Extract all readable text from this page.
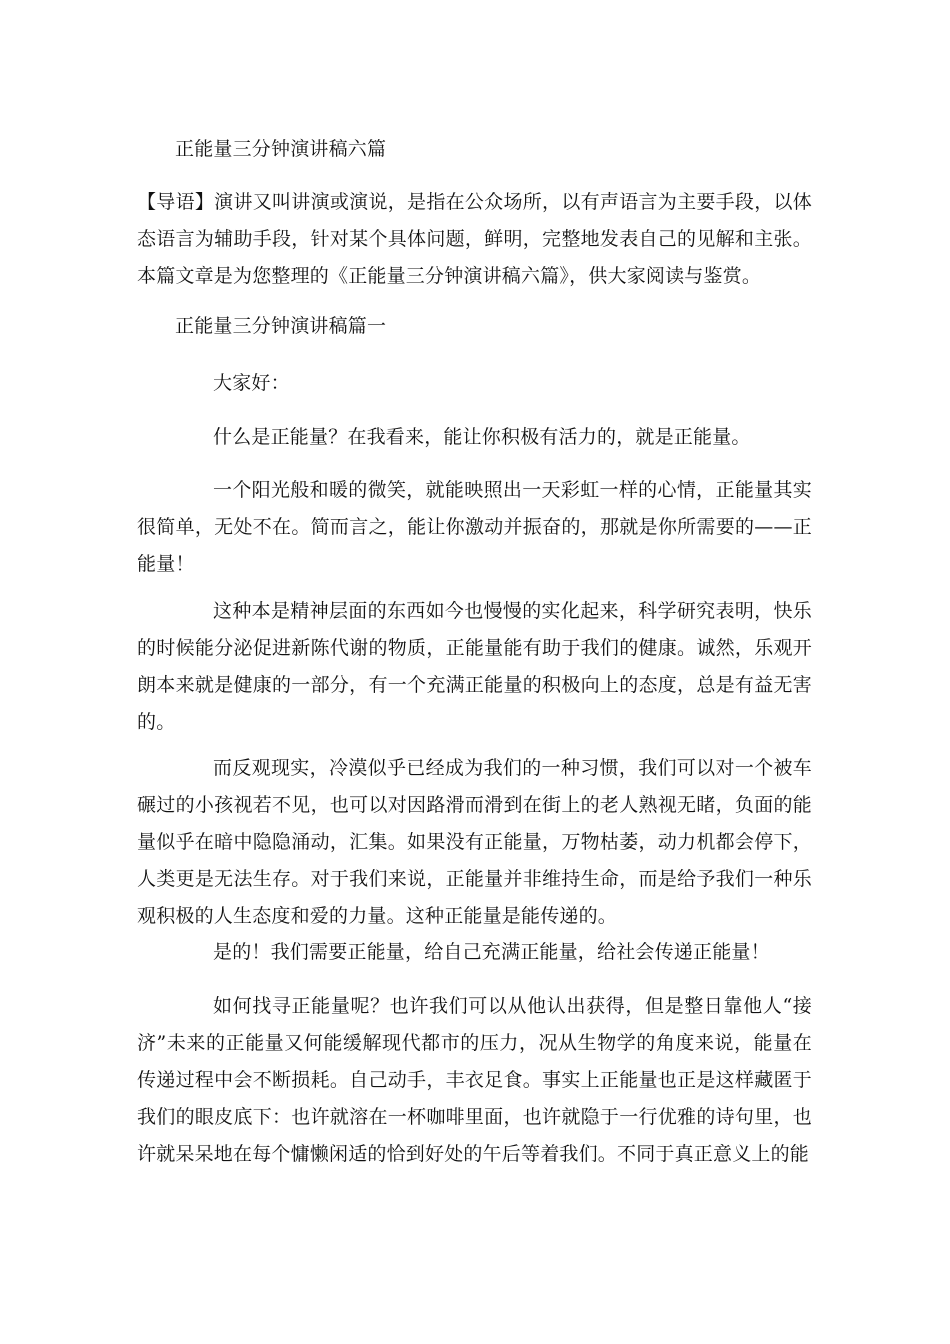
正能量三分钟演讲稿六篇
【导语】演讲又叫讲演或演说，是指在公众场所，以有声语言为主要手段，以体态语言为辅助手段，针对某个具体问题，鲜明，完整地发表自己的见解和主张。本篇文章是为您整理的《正能量三分钟演讲稿六篇》，供大家阅读与鉴赏。
正能量三分钟演讲稿篇一
大家好：
什么是正能量？在我看来，能让你积极有活力的，就是正能量。
一个阳光般和暖的微笑，就能映照出一天彩虹一样的心情，正能量其实很简单，无处不在。简而言之，能让你激动并振奋的，那就是你所需要的——正能量！
这种本是精神层面的东西如今也慢慢的实化起来，科学研究表明，快乐的时候能分泌促进新陈代谢的物质，正能量能有助于我们的健康。诚然，乐观开朗本来就是健康的一部分，有一个充满正能量的积极向上的态度，总是有益无害的。
而反观现实，冷漠似乎已经成为我们的一种习惯，我们可以对一个被车碾过的小孩视若不见，也可以对因路滑而滑到在街上的老人熟视无睹，负面的能量似乎在暗中隐隐涌动，汇集。如果没有正能量，万物枯萎，动力机都会停下，人类更是无法生存。对于我们来说，正能量并非维持生命，而是给予我们一种乐观积极的人生态度和爱的力量。这种正能量是能传递的。
是的！我们需要正能量，给自己充满正能量，给社会传递正能量！
如何找寻正能量呢？也许我们可以从他认出获得，但是整日靠他人“接济”未来的正能量又何能缓解现代都市的压力，况从生物学的角度来说，能量在传递过程中会不断损耗。自己动手，丰衣足食。事实上正能量也正是这样藏匿于我们的眼皮底下：也许就溶在一杯咖啡里面，也许就隐于一行优雅的诗句里，也许就呆呆地在每个慵懒闲适的恰到好处的午后等着我们。不同于真正意义上的能
